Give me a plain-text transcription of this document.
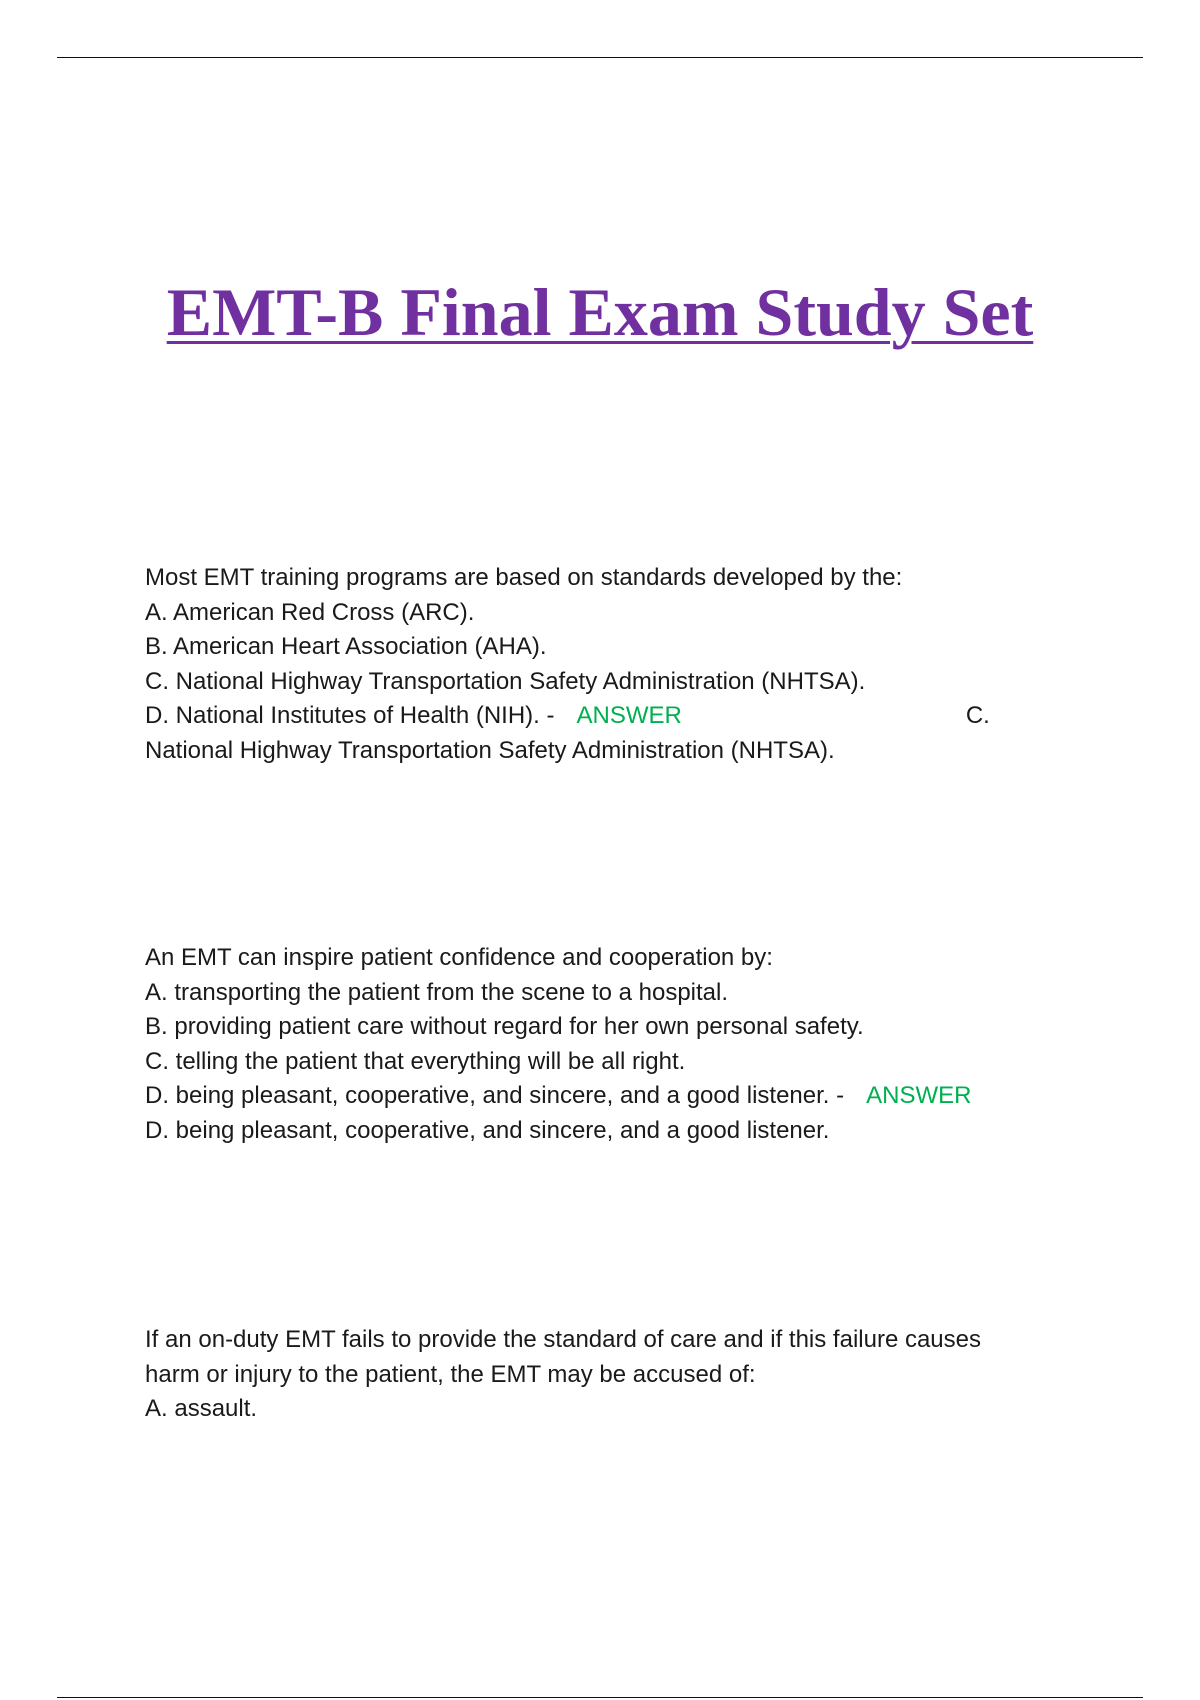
EMT-B Final Exam Study Set
Most EMT training programs are based on standards developed by the:
A. American Red Cross (ARC).
B. American Heart Association (AHA).
C. National Highway Transportation Safety Administration (NHTSA).
D. National Institutes of Health (NIH). - ANSWER	C.
National Highway Transportation Safety Administration (NHTSA).
An EMT can inspire patient confidence and cooperation by:
A. transporting the patient from the scene to a hospital.
B. providing patient care without regard for her own personal safety.
C. telling the patient that everything will be all right.
D. being pleasant, cooperative, and sincere, and a good listener. - ANSWER
D. being pleasant, cooperative, and sincere, and a good listener.
If an on-duty EMT fails to provide the standard of care and if this failure causes
harm or injury to the patient, the EMT may be accused of:
A. assault.
